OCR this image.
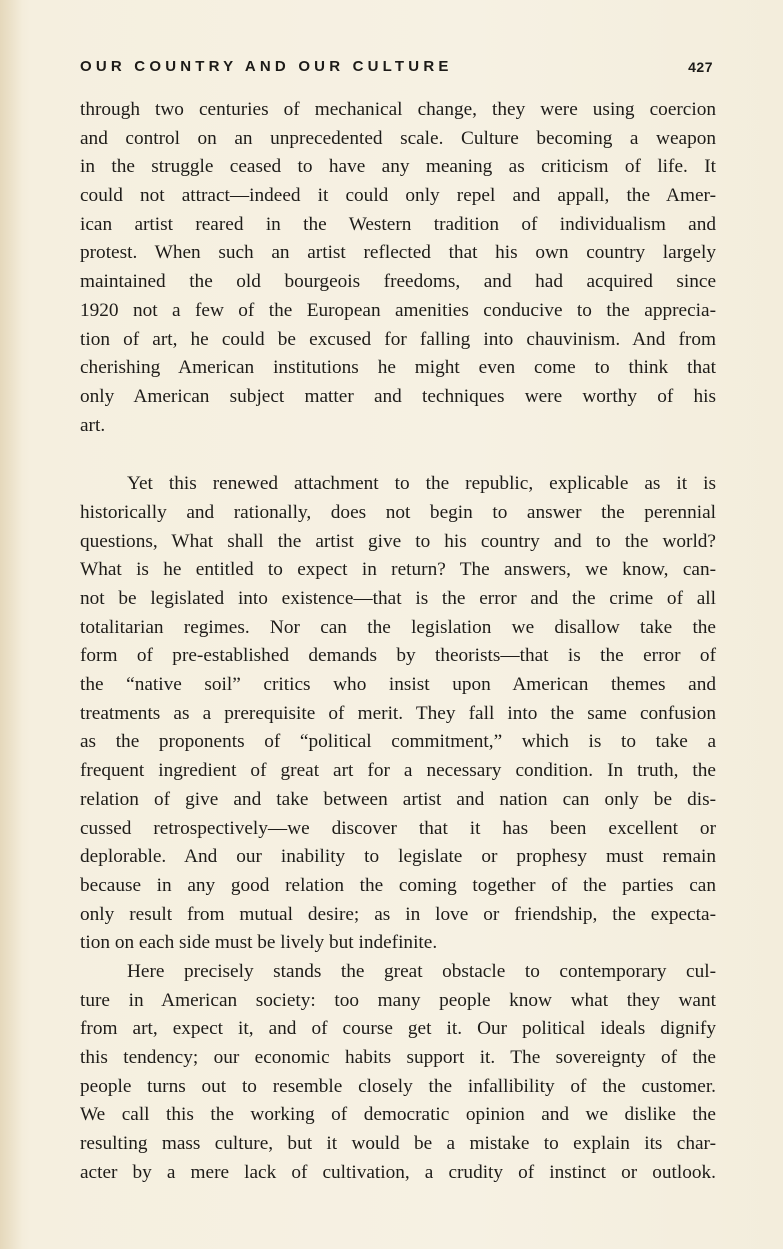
OUR COUNTRY AND OUR CULTURE	427
through two centuries of mechanical change, they were using coercion
and control on an unprecedented scale. Culture becoming a weapon
in the struggle ceased to have any meaning as criticism of life. It
could not attract—indeed it could only repel and appall, the Amer-
ican artist reared in the Western tradition of individualism and
protest. When such an artist reflected that his own country largely
maintained the old bourgeois freedoms, and had acquired since
1920 not a few of the European amenities conducive to the apprecia-
tion of art, he could be excused for falling into chauvinism. And from
cherishing American institutions he might even come to think that
only American subject matter and techniques were worthy of his
art.
Yet this renewed attachment to the republic, explicable as it is
historically and rationally, does not begin to answer the perennial
questions, What shall the artist give to his country and to the world?
What is he entitled to expect in return? The answers, we know, can-
not be legislated into existence—that is the error and the crime of all
totalitarian regimes. Nor can the legislation we disallow take the
form of pre-established demands by theorists—that is the error of
the “native soil” critics who insist upon American themes and
treatments as a prerequisite of merit. They fall into the same confusion
as the proponents of “political commitment,” which is to take a
frequent ingredient of great art for a necessary condition. In truth, the
relation of give and take between artist and nation can only be dis-
cussed retrospectively—we discover that it has been excellent or
deplorable. And our inability to legislate or prophesy must remain
because in any good relation the coming together of the parties can
only result from mutual desire; as in love or friendship, the expecta-
tion on each side must be lively but indefinite.
Here precisely stands the great obstacle to contemporary cul-
ture in American society: too many people know what they want
from art, expect it, and of course get it. Our political ideals dignify
this tendency; our economic habits support it. The sovereignty of the
people turns out to resemble closely the infallibility of the customer.
We call this the working of democratic opinion and we dislike the
resulting mass culture, but it would be a mistake to explain its char-
acter by a mere lack of cultivation, a crudity of instinct or outlook.
